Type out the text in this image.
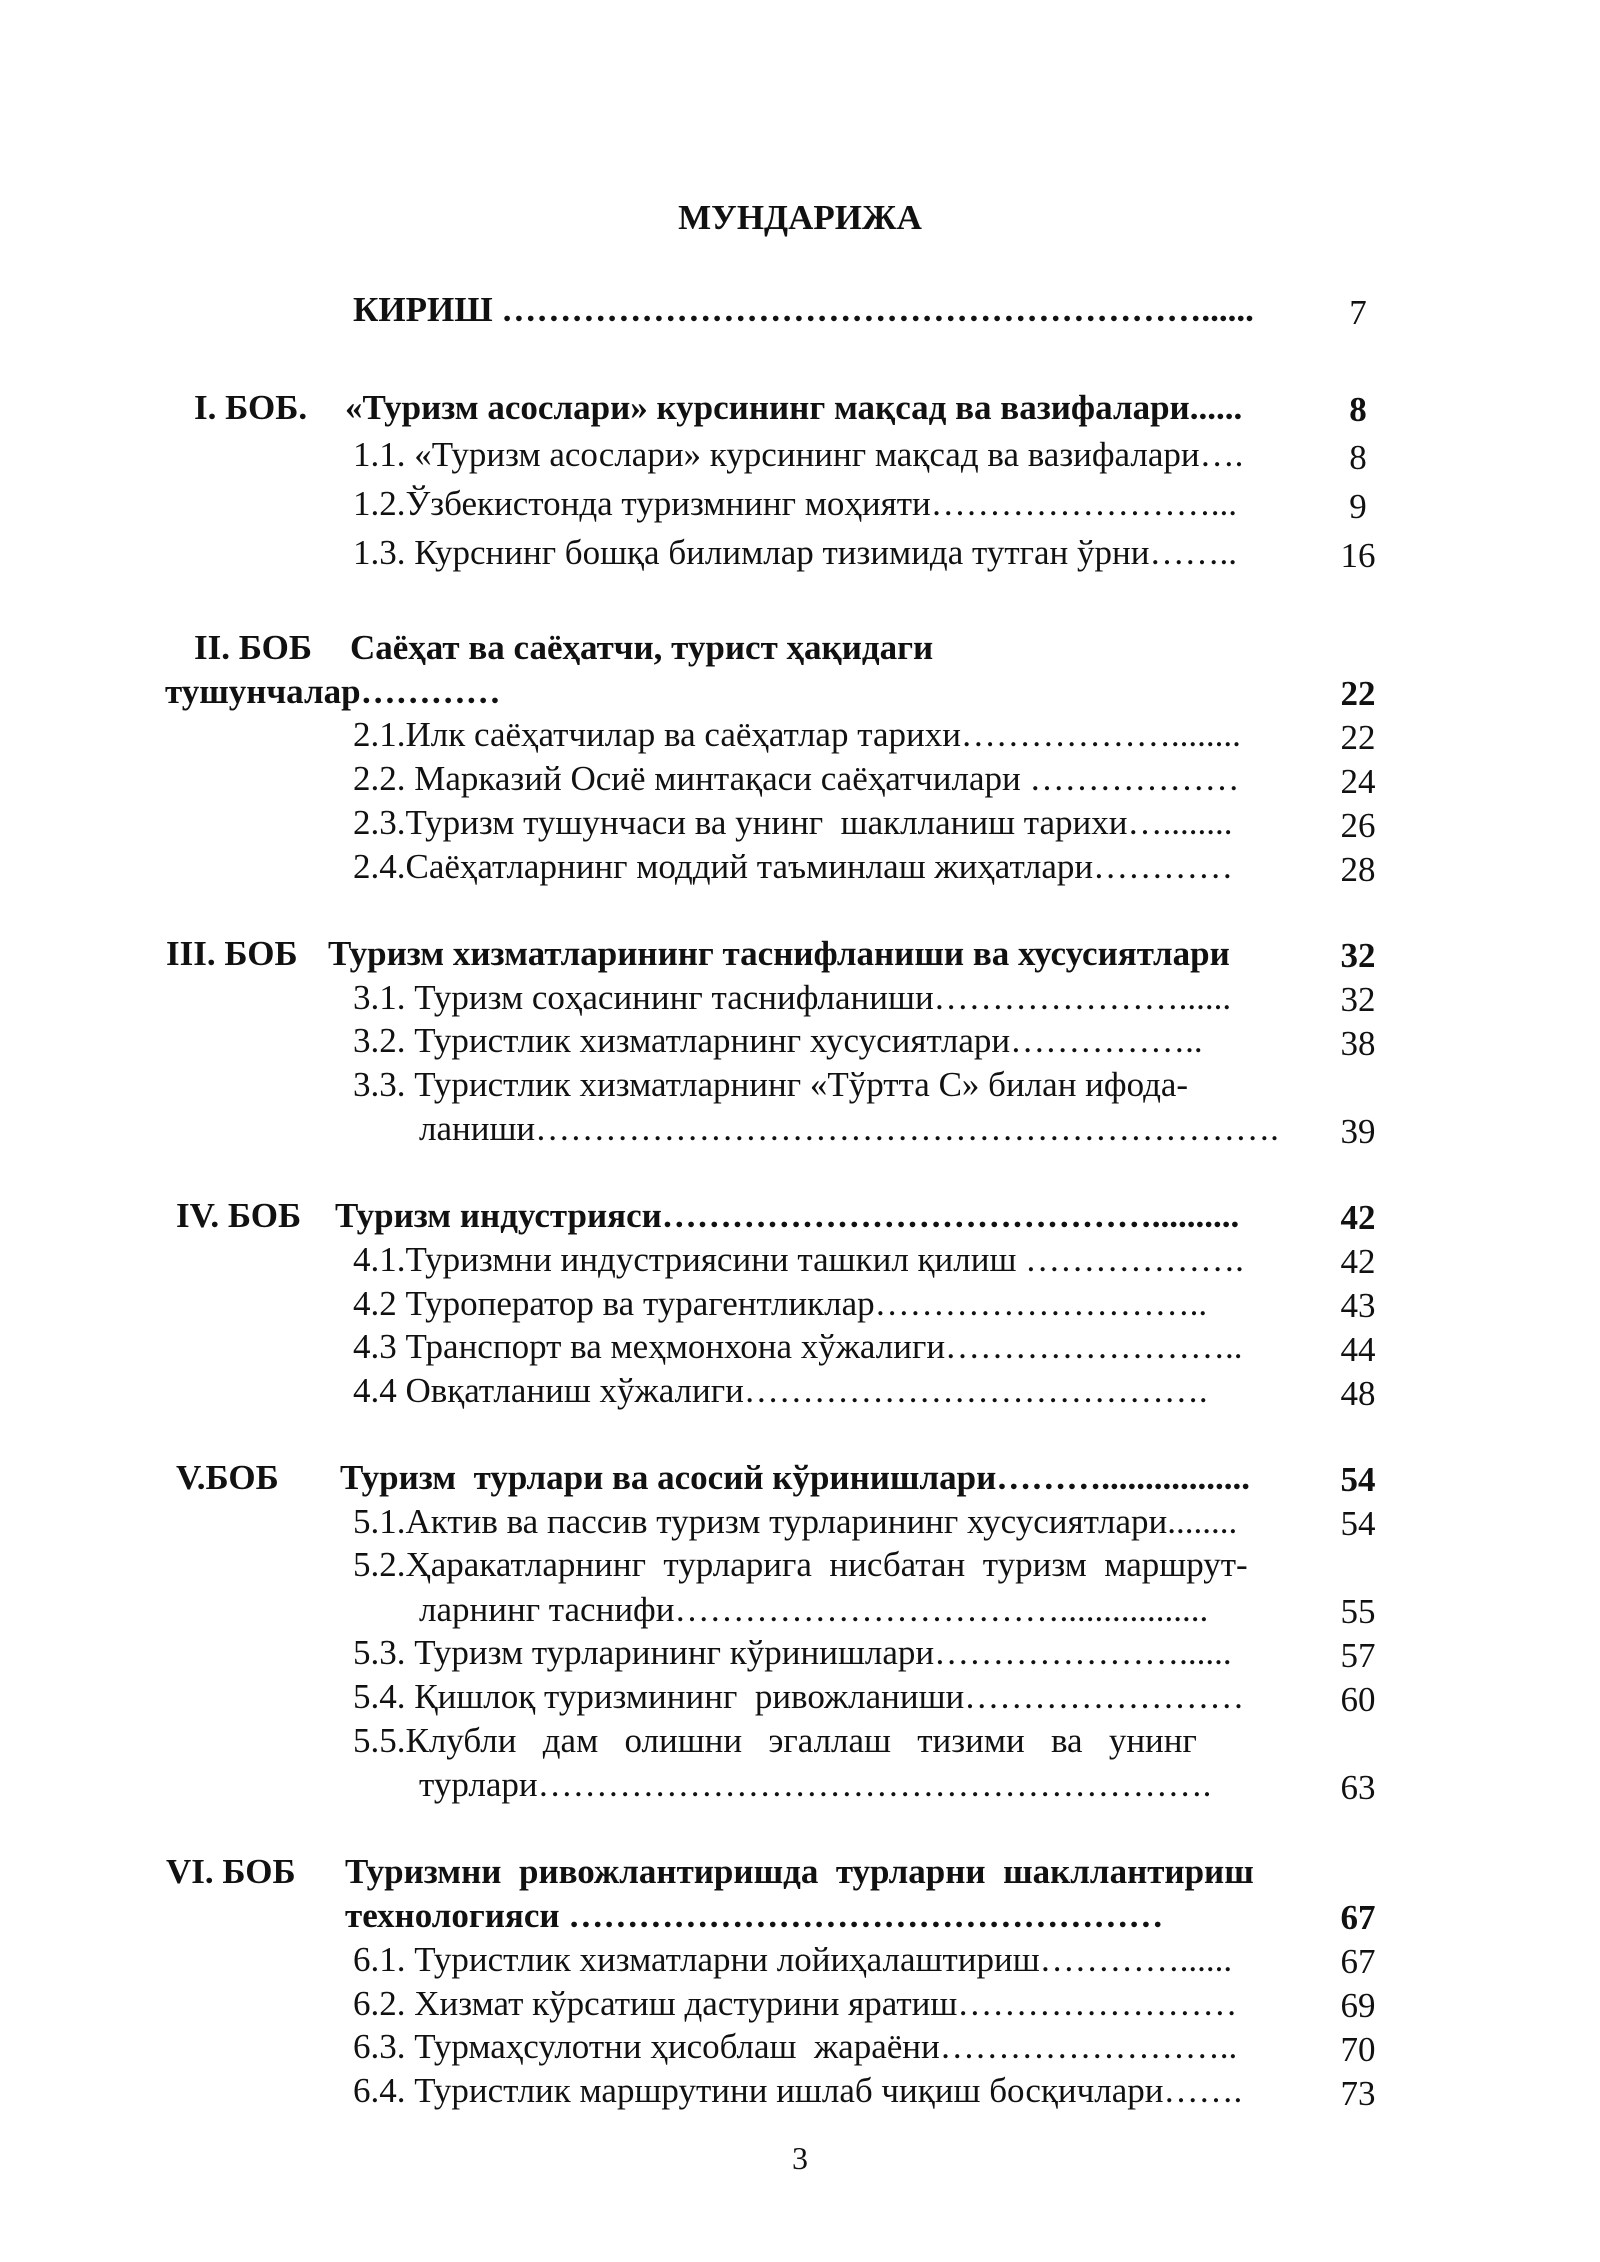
МУНДАРИЖА
КИРИШ ……………………………………………………......	7
I. БОБ. «Туризм асослари» курсининг мақсад ва вазифалари......	8
1.1. «Туризм асослари» курсининг мақсад ва вазифалари….	8
1.2.Ўзбекистонда туризмнинг моҳияти……………………...	9
1.3. Курснинг бошқа билимлар тизимида тутган ўрни……..	16
II. БОБ Саёҳат ва саёҳатчи, турист ҳақидаги
тушунчалар…………	22
2.1.Илк саёҳатчилар ва саёҳатлар тарихи………………........	22
2.2. Марказий Осиё минтақаси саёҳатчилари ………………	24
2.3.Туризм тушунчаси ва унинг  шаклланиш тарихи…........	26
2.4.Саёҳатларнинг моддий таъминлаш жиҳатлари…………	28
III. БОБ Туризм хизматларининг таснифланиши ва хусусиятлари	32
3.1. Туризм соҳасининг таснифланиши…………………......	32
3.2. Туристлик хизматларнинг хусусиятлари……………..	38
3.3. Туристлик хизматларнинг «Тўртта С» билан ифода-
ланиши……………………………………………………….	39
IV. БОБ Туризм индустрияси……………………………………..........	42
4.1.Туризмни индустриясини ташкил қилиш ……………….	42
4.2 Туроператор ва турагентликлар………………………..	43
4.3 Транспорт ва меҳмонхона хўжалиги……………………..	44
4.4 Овқатланиш хўжалиги………………………………….	48
V.БОБ Туризм  турлари ва асосий кўринишлари……….................	54
5.1.Актив ва пассив туризм турларининг хусусиятлари........	54
5.2.Ҳаракатларнинг  турларига  нисбатан  туризм  маршрут-
ларнинг таснифи…………………………….................	55
5.3. Туризм турларининг кўринишлари…………………......	57
5.4. Қишлоқ туризмининг  ривожланиши……………………	60
5.5.Клубли   дам   олишни   эгаллаш   тизими   ва   унинг
турлари………………………………………………….	63
VI. БОБ Туризмни  ривожлантиришда  турларни  шакллантириш
технологияси ……………………………………………	67
6.1. Туристлик хизматларни лойиҳалаштириш…………......	67
6.2. Хизмат кўрсатиш дастурини яратиш……………………	69
6.3. Турмаҳсулотни ҳисоблаш  жараёни……………………..	70
6.4. Туристлик маршрутини ишлаб чиқиш босқичлари…….	73
3
